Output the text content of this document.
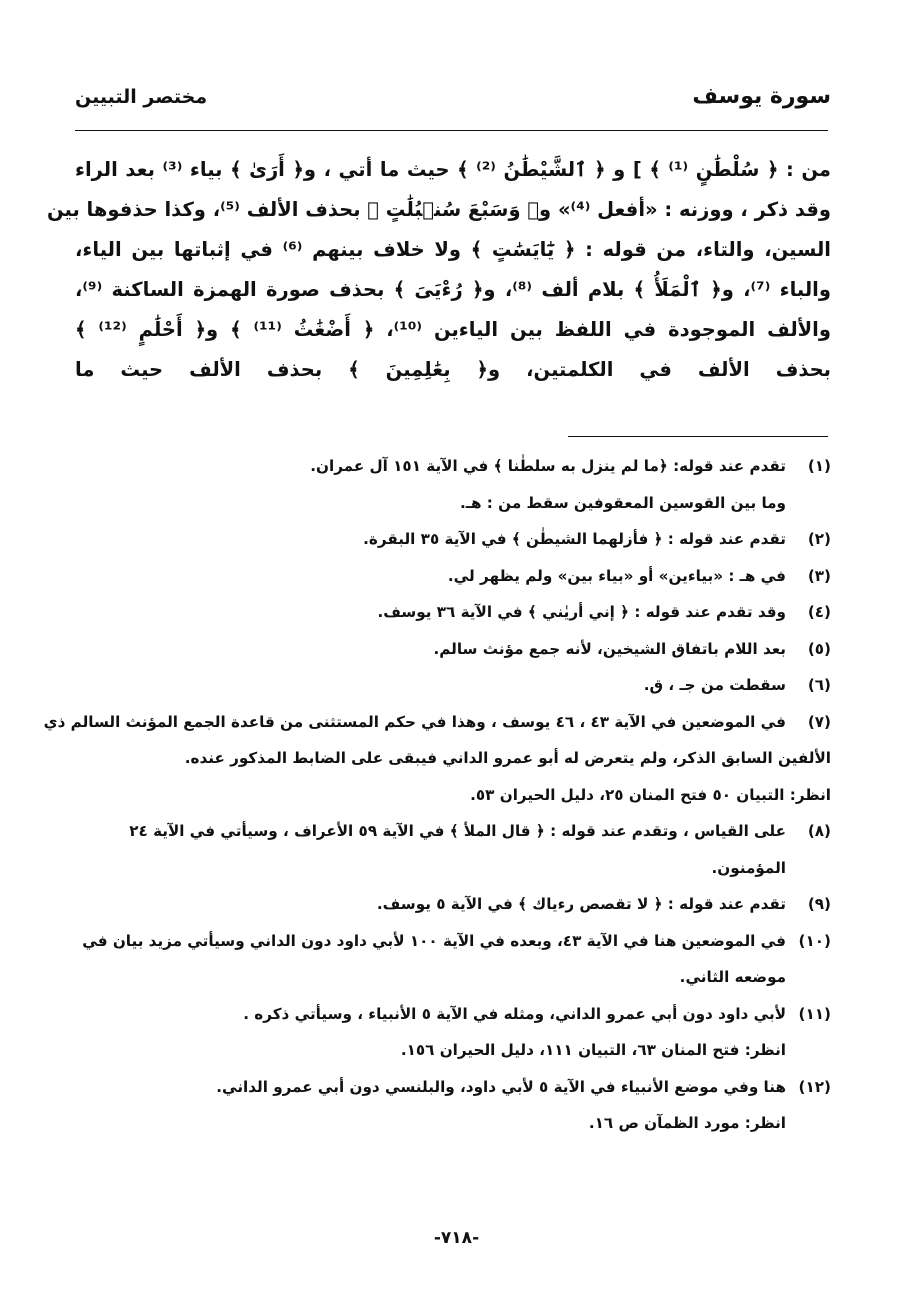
سورة يوسف
مختصر التبيين
من : ﴿ سُلْطَٰنٍ ⁽¹⁾ ﴾ ] و ﴿ ٱلشَّيْطَٰنُ ⁽²⁾ ﴾ حيث ما أتي ، و﴿ أَرَىٰ ﴾ بياء ⁽³⁾ بعد الراء
وقد ذكر ، ووزنه : «أفعل ⁽⁴⁾» و﴿ وَسَبْعَ سُنۢبُلَٰتٍ ﴾ بحذف الألف ⁽⁵⁾، وكذا حذفوها بين
السين، والتاء، من قوله : ﴿ يَٰٓايَسَٰتٍ ﴾ ولا خلاف بينهم ⁽⁶⁾ في إثباتها بين الياء،
والباء ⁽⁷⁾، و﴿ ٱلْمَلَأُ ﴾ بلام ألف ⁽⁸⁾، و﴿ رُءْيَىَ ﴾ بحذف صورة الهمزة الساكنة ⁽⁹⁾،
والألف الموجودة في اللفظ بين الياءين ⁽¹⁰⁾، ﴿ أَضْغَٰثُ ⁽¹¹⁾ ﴾ و﴿ أَحْلَٰمٍ ⁽¹²⁾ ﴾
بحذف الألف في الكلمتين، و﴿ بِعَٰلِمِينَ ﴾ بحذف الألف حيث ما
(١)
تقدم عند قوله: ﴿ما لم ينزل به سلطٰنا ﴾ في الآية ١٥١ آل عمران.
وما بين القوسين المعقوفين سقط من : هـ.
(٢)
تقدم عند قوله : ﴿ فأزلهما الشيطٰن ﴾ في الآية ٣٥ البقرة.
(٣)
في هـ : «بياءين» أو «بياء بين» ولم يظهر لي.
(٤)
وقد تقدم عند قوله : ﴿ إني أريٰني ﴾ في الآية ٣٦ يوسف.
(٥)
بعد اللام باتفاق الشيخين، لأنه جمع مؤنث سالم.
(٦)
سقطت من جـ ، ق.
(٧)
في الموضعين في الآية ٤٣ ، ٤٦ يوسف ، وهذا في حكم المستثنى من قاعدة الجمع المؤنث السالم ذي
الألفين السابق الذكر، ولم يتعرض له أبو عمرو الداني فيبقى على الضابط المذكور عنده.
انظر: التبيان ٥٠ فتح المنان ٢٥، دليل الحيران ٥٣.
(٨)
على القياس ، وتقدم عند قوله : ﴿ قال الملأ ﴾ في الآية ٥٩ الأعراف ، وسيأتي في الآية ٢٤
المؤمنون.
(٩)
تقدم عند قوله : ﴿ لا تقصص رءياك ﴾ في الآية ٥ يوسف.
(١٠)
في الموضعين هنا في الآية ٤٣، وبعده في الآية ١٠٠ لأبي داود دون الداني وسيأتي مزيد بيان في
موضعه الثاني.
(١١)
لأبي داود دون أبي عمرو الداني، ومثله في الآية ٥ الأنبياء ، وسيأتي ذكره .
انظر: فتح المنان ٦٣، التبيان ١١١، دليل الحيران ١٥٦.
(١٢)
هنا وفي موضع الأنبياء في الآية ٥ لأبي داود، والبلنسي دون أبي عمرو الداني.
انظر: مورد الظمآن ص ١٦.
-٧١٨-
